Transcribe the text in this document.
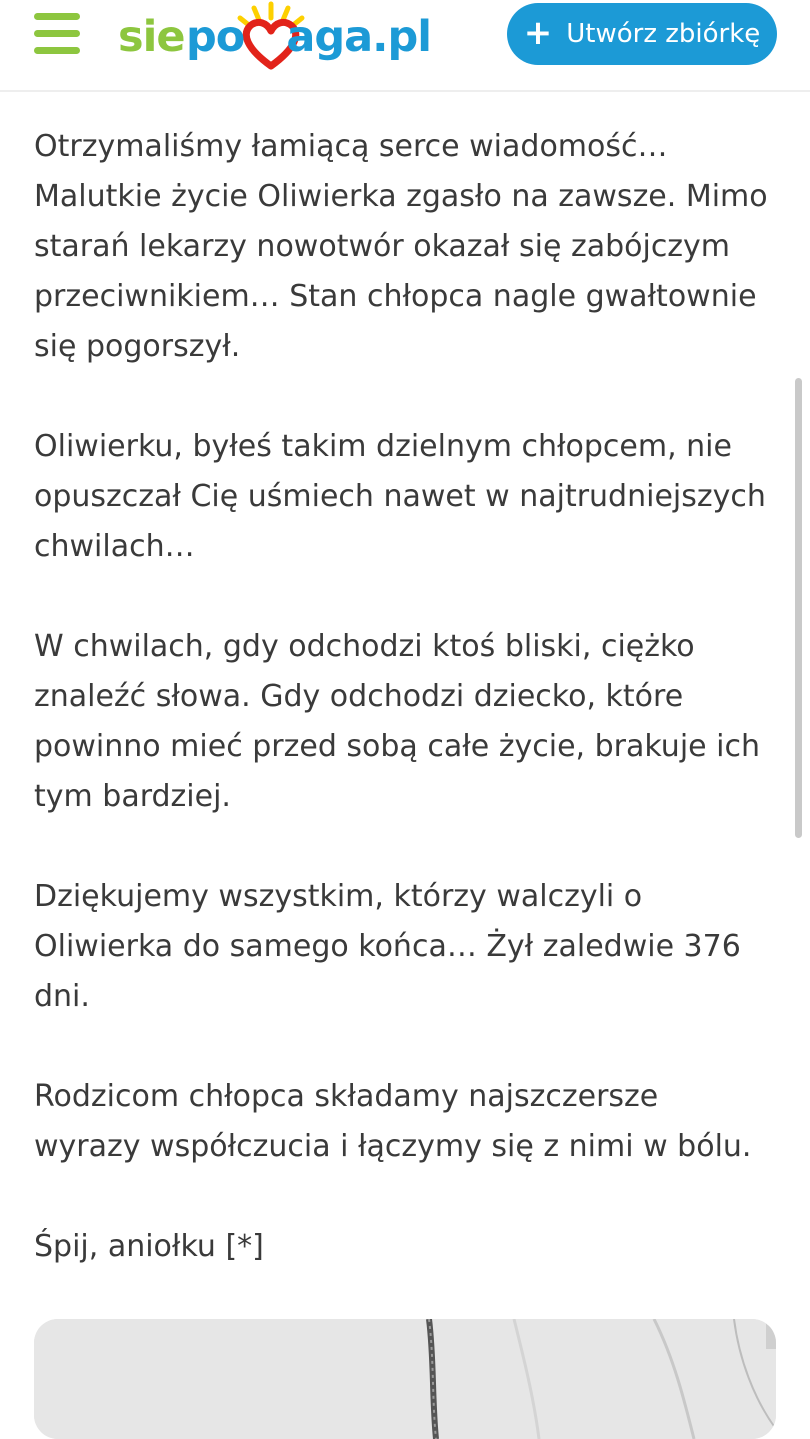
sie po aga.pl	+ Utwórz zbiórkę

Otrzymaliśmy łamiącą serce wiadomość… Malutkie życie Oliwierka zgasło na zawsze. Mimo starań lekarzy nowotwór okazał się zabójczym przeciwnikiem… Stan chłopca nagle gwałtownie się pogorszył.

Oliwierku, byłeś takim dzielnym chłopcem, nie opuszczał Cię uśmiech nawet w najtrudniejszych chwilach…

W chwilach, gdy odchodzi ktoś bliski, ciężko znaleźć słowa. Gdy odchodzi dziecko, które powinno mieć przed sobą całe życie, brakuje ich tym bardziej.

Dziękujemy wszystkim, którzy walczyli o Oliwierka do samego końca… Żył zaledwie 376 dni.

Rodzicom chłopca składamy najszczersze wyrazy współczucia i łączymy się z nimi w bólu.

Śpij, aniołku [*]
